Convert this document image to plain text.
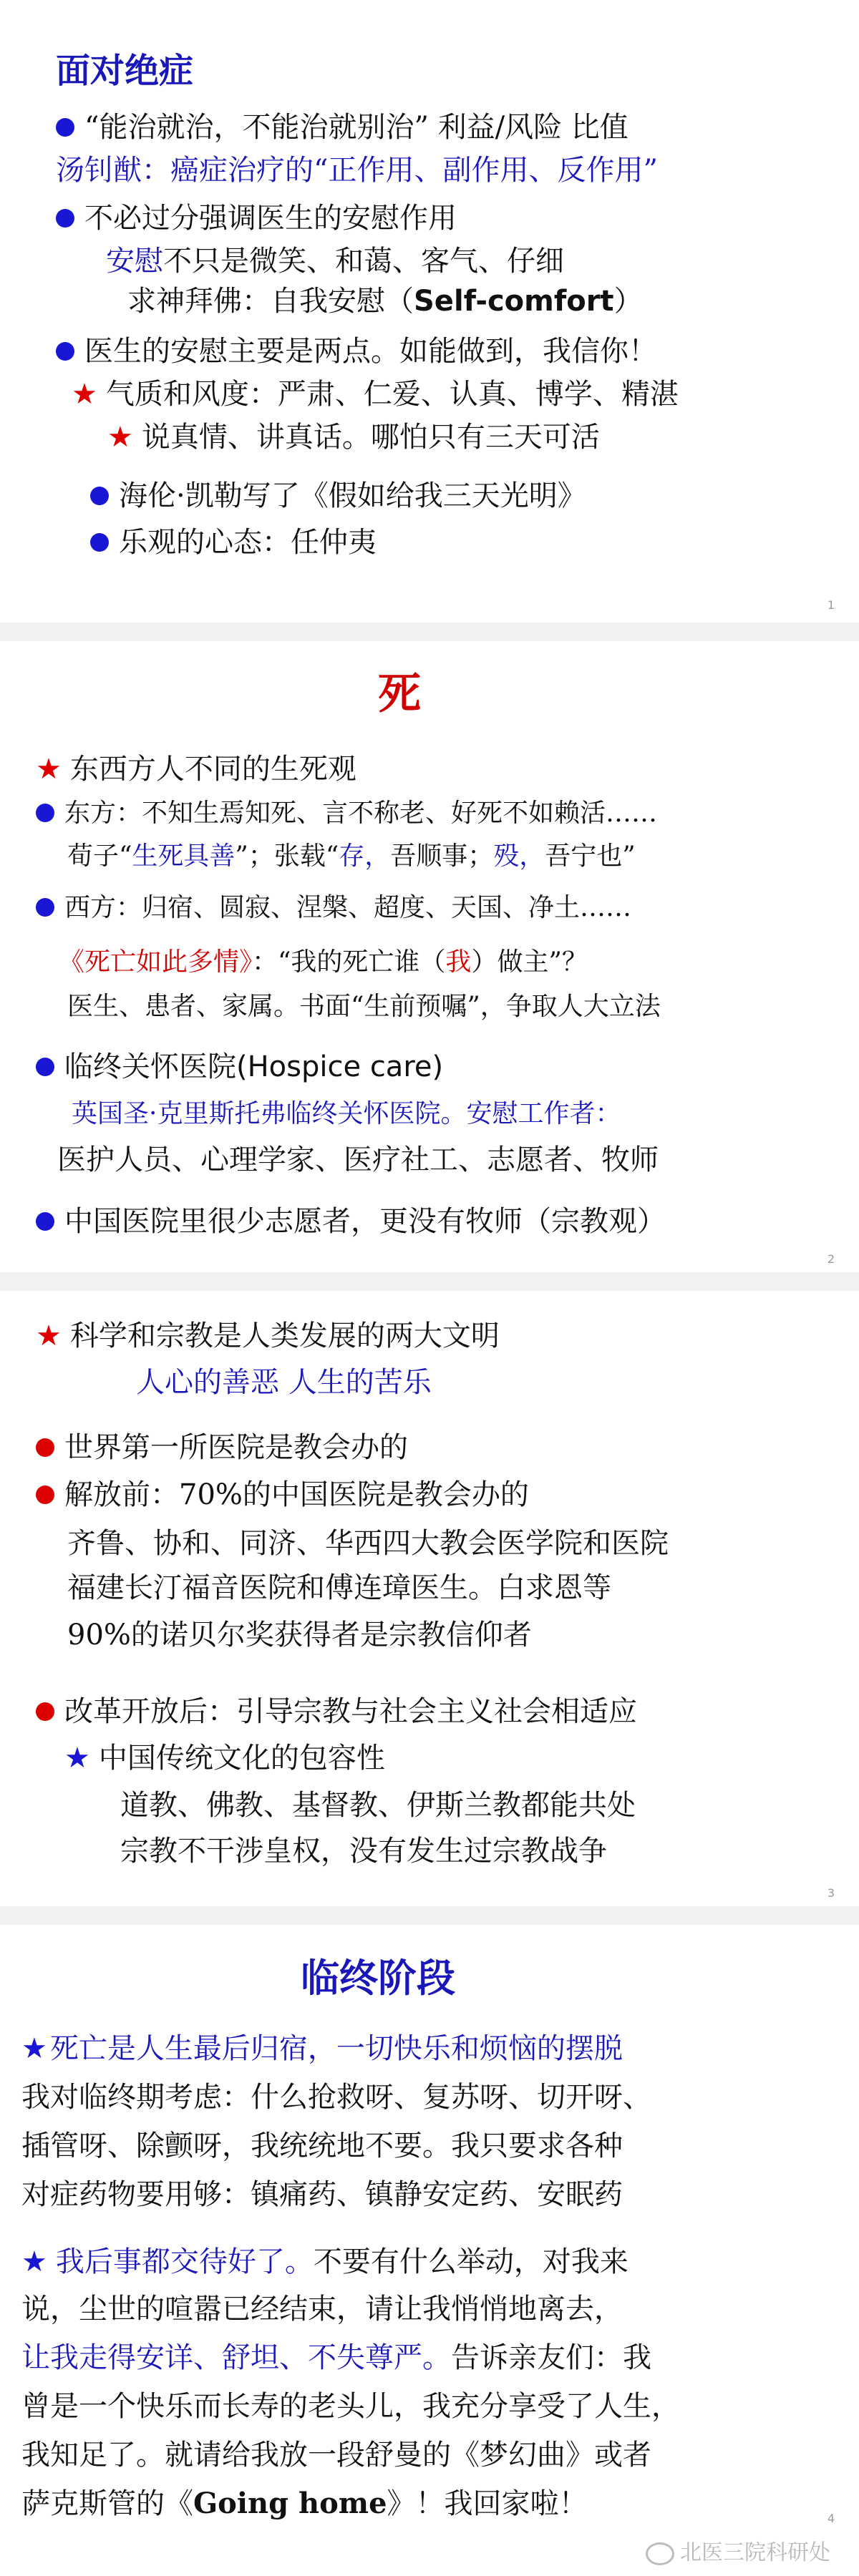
面对绝症
“能治就治，不能治就别治” 利益/风险 比值
汤钊猷：癌症治疗的“正作用、副作用、反作用”
不必过分强调医生的安慰作用
安慰不只是微笑、和蔼、客气、仔细
求神拜佛：自我安慰（Self-comfort）
医生的安慰主要是两点。如能做到，我信你！
★ 气质和风度：严肃、仁爱、认真、博学、精湛
★ 说真情、讲真话。哪怕只有三天可活
海伦·凯勒写了《假如给我三天光明》
乐观的心态：任仲夷
1
死
★ 东西方人不同的生死观
东方：不知生焉知死、言不称老、好死不如赖活……
荀子“生死具善”；张载“存，吾顺事；殁，吾宁也”
西方：归宿、圆寂、涅槃、超度、天国、净土……
《死亡如此多情》：“我的死亡谁（我）做主”？
医生、患者、家属。书面“生前预嘱”，争取人大立法
临终关怀医院(Hospice care)
英国圣·克里斯托弗临终关怀医院。安慰工作者：
医护人员、心理学家、医疗社工、志愿者、牧师
中国医院里很少志愿者，更没有牧师（宗教观）
2
★ 科学和宗教是人类发展的两大文明
人心的善恶 人生的苦乐
世界第一所医院是教会办的
解放前：70%的中国医院是教会办的
齐鲁、协和、同济、华西四大教会医学院和医院
福建长汀福音医院和傅连璋医生。白求恩等
90%的诺贝尔奖获得者是宗教信仰者
改革开放后：引导宗教与社会主义社会相适应
★ 中国传统文化的包容性
道教、佛教、基督教、伊斯兰教都能共处
宗教不干涉皇权，没有发生过宗教战争
3
临终阶段
★ 死亡是人生最后归宿，一切快乐和烦恼的摆脱
我对临终期考虑：什么抢救呀、复苏呀、切开呀、
插管呀、除颤呀，我统统地不要。我只要求各种
对症药物要用够：镇痛药、镇静安定药、安眠药
★ 我后事都交待好了。不要有什么举动，对我来
说，尘世的喧嚣已经结束，请让我悄悄地离去，
让我走得安详、舒坦、不失尊严。告诉亲友们：我
曾是一个快乐而长寿的老头儿，我充分享受了人生，
我知足了。就请给我放一段舒曼的《梦幻曲》或者
萨克斯管的《Going home》！我回家啦！	4
北医三院科研处
